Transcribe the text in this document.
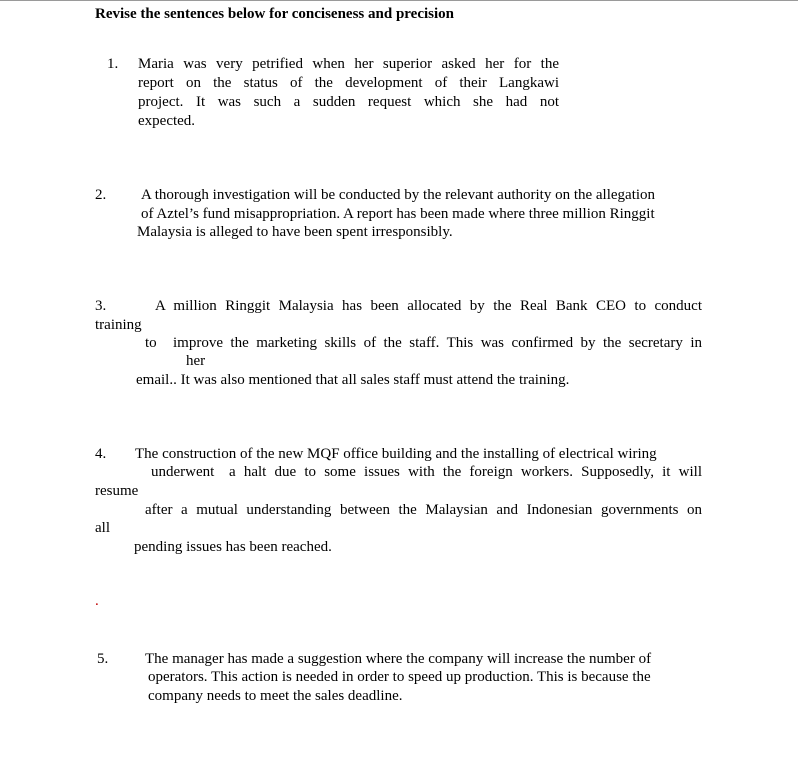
Revise the sentences below for conciseness and precision
1. Maria was very petrified when her superior asked her for the
report on the status of the development of their Langkawi
project. It was such a sudden request which she had not
expected.
2. A thorough investigation will be conducted by the relevant authority on the allegation
of Aztel’s fund misappropriation. A report has been made where three million Ringgit
Malaysia is alleged to have been spent irresponsibly.
3.	A million Ringgit Malaysia has been allocated by the Real Bank CEO to conduct
training
to improve the marketing skills of the staff. This was confirmed by the secretary in
her
email.. It was also mentioned that all sales staff must attend the training.
4. The construction of the new MQF office building and the installing of electrical wiring
underwent a halt due to some issues with the foreign workers. Supposedly, it will
resume
after a mutual understanding between the Malaysian and Indonesian governments on
all
pending issues has been reached.
.
5. The manager has made a suggestion where the company will increase the number of
operators. This action is needed in order to speed up production. This is because the
company needs to meet the sales deadline.
